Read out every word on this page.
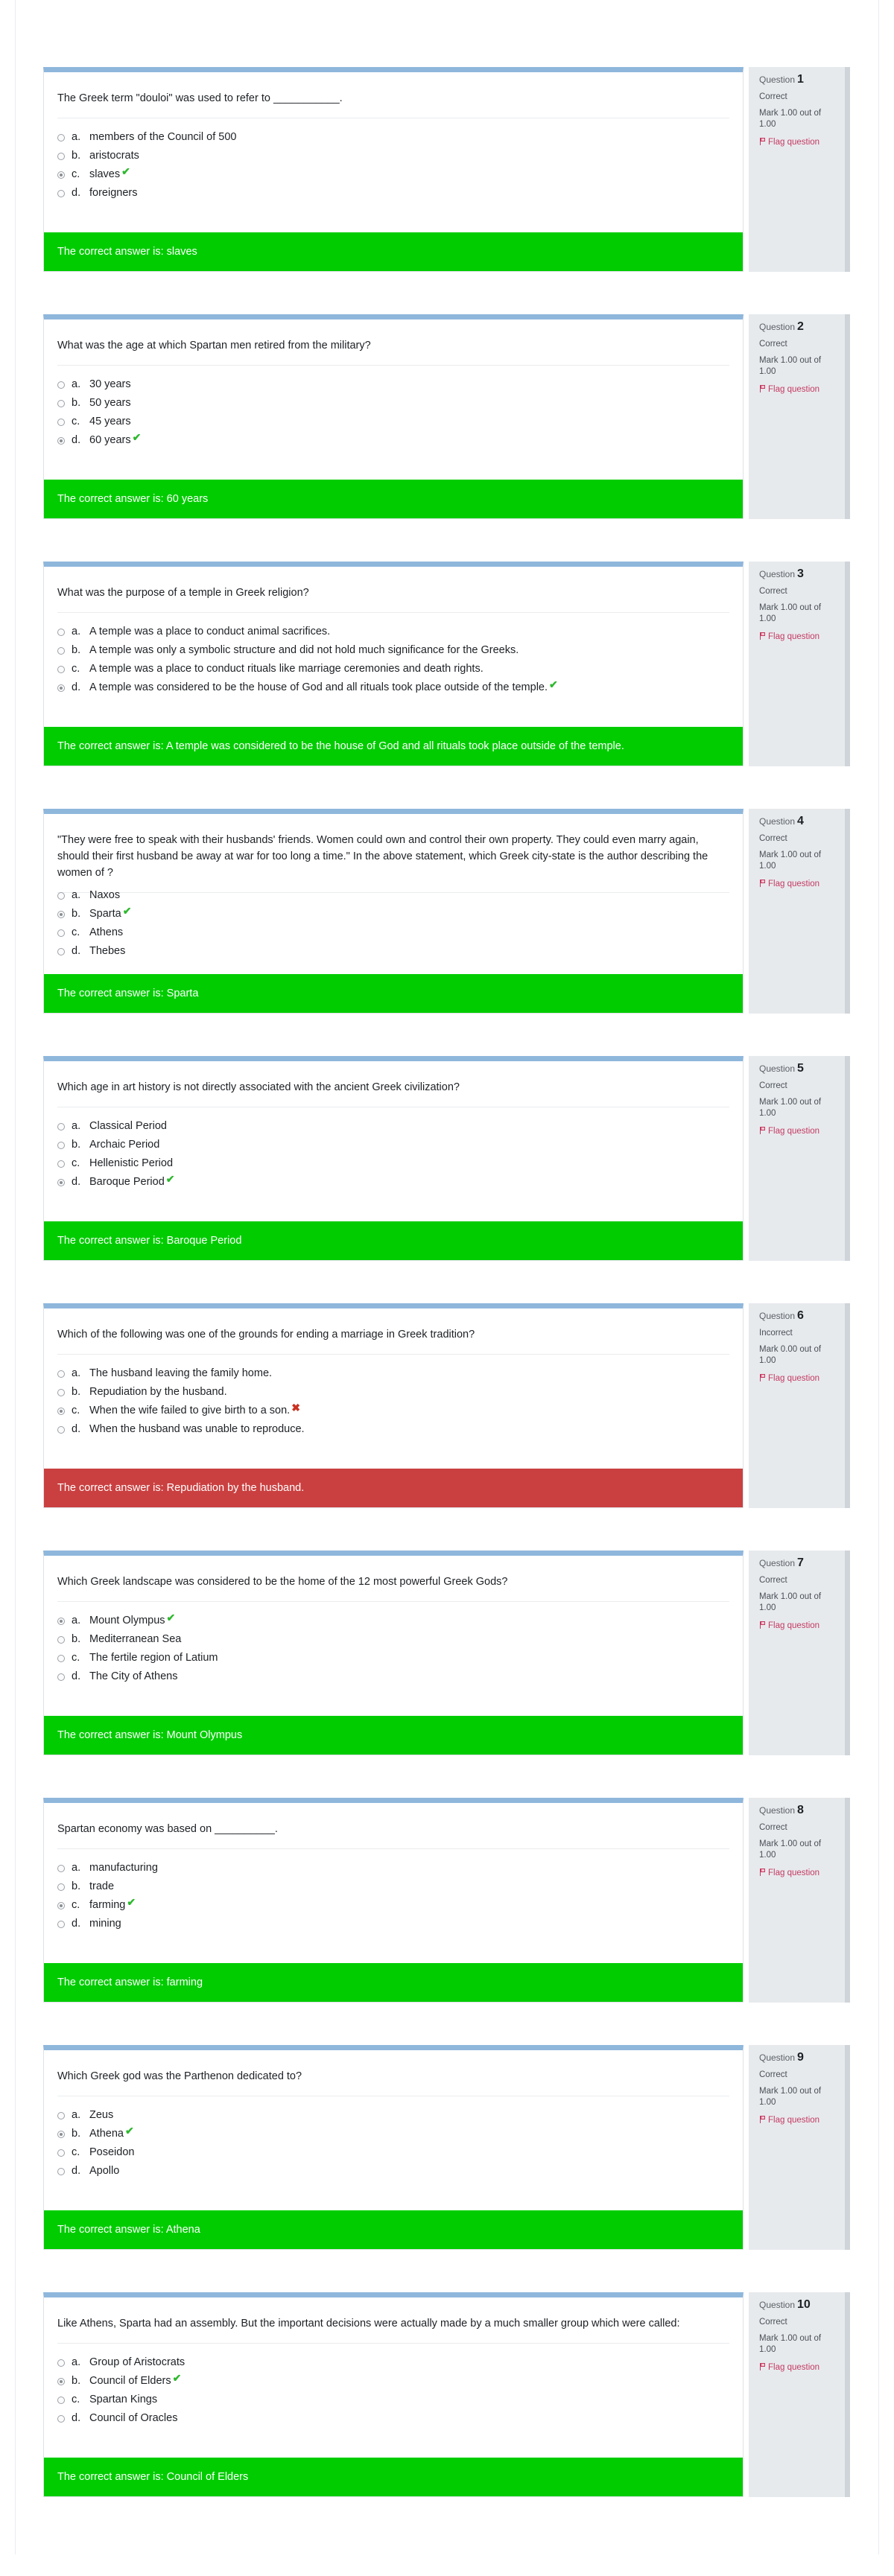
The Greek term "douloi" was used to refer to ___________.
a. members of the Council of 500
b. aristocrats
c. slaves ✔
d. foreigners
The correct answer is: slaves
Question 1
Correct
Mark 1.00 out of 1.00
Flag question
What was the age at which Spartan men retired from the military?
a. 30 years
b. 50 years
c. 45 years
d. 60 years ✔
The correct answer is: 60 years
Question 2
Correct
Mark 1.00 out of 1.00
Flag question
What was the purpose of a temple in Greek religion?
a. A temple was a place to conduct animal sacrifices.
b. A temple was only a symbolic structure and did not hold much significance for the Greeks.
c. A temple was a place to conduct rituals like marriage ceremonies and death rights.
d. A temple was considered to be the house of God and all rituals took place outside of the temple. ✔
The correct answer is: A temple was considered to be the house of God and all rituals took place outside of the temple.
Question 3
Correct
Mark 1.00 out of 1.00
Flag question
"They were free to speak with their husbands' friends. Women could own and control their own property. They could even marry again, should their first husband be away at war for too long a time." In the above statement, which Greek city-state is the author describing the women of ?
a. Naxos
b. Sparta ✔
c. Athens
d. Thebes
The correct answer is: Sparta
Question 4
Correct
Mark 1.00 out of 1.00
Flag question
Which age in art history is not directly associated with the ancient Greek civilization?
a. Classical Period
b. Archaic Period
c. Hellenistic Period
d. Baroque Period ✔
The correct answer is: Baroque Period
Question 5
Correct
Mark 1.00 out of 1.00
Flag question
Which of the following was one of the grounds for ending a marriage in Greek tradition?
a. The husband leaving the family home.
b. Repudiation by the husband.
c. When the wife failed to give birth to a son. ✖
d. When the husband was unable to reproduce.
The correct answer is: Repudiation by the husband.
Question 6
Incorrect
Mark 0.00 out of 1.00
Flag question
Which Greek landscape was considered to be the home of the 12 most powerful Greek Gods?
a. Mount Olympus ✔
b. Mediterranean Sea
c. The fertile region of Latium
d. The City of Athens
The correct answer is: Mount Olympus
Question 7
Correct
Mark 1.00 out of 1.00
Flag question
Spartan economy was based on __________.
a. manufacturing
b. trade
c. farming ✔
d. mining
The correct answer is: farming
Question 8
Correct
Mark 1.00 out of 1.00
Flag question
Which Greek god was the Parthenon dedicated to?
a. Zeus
b. Athena ✔
c. Poseidon
d. Apollo
The correct answer is: Athena
Question 9
Correct
Mark 1.00 out of 1.00
Flag question
Like Athens, Sparta had an assembly. But the important decisions were actually made by a much smaller group which were called:
a. Group of Aristocrats
b. Council of Elders ✔
c. Spartan Kings
d. Council of Oracles
The correct answer is: Council of Elders
Question 10
Correct
Mark 1.00 out of 1.00
Flag question
